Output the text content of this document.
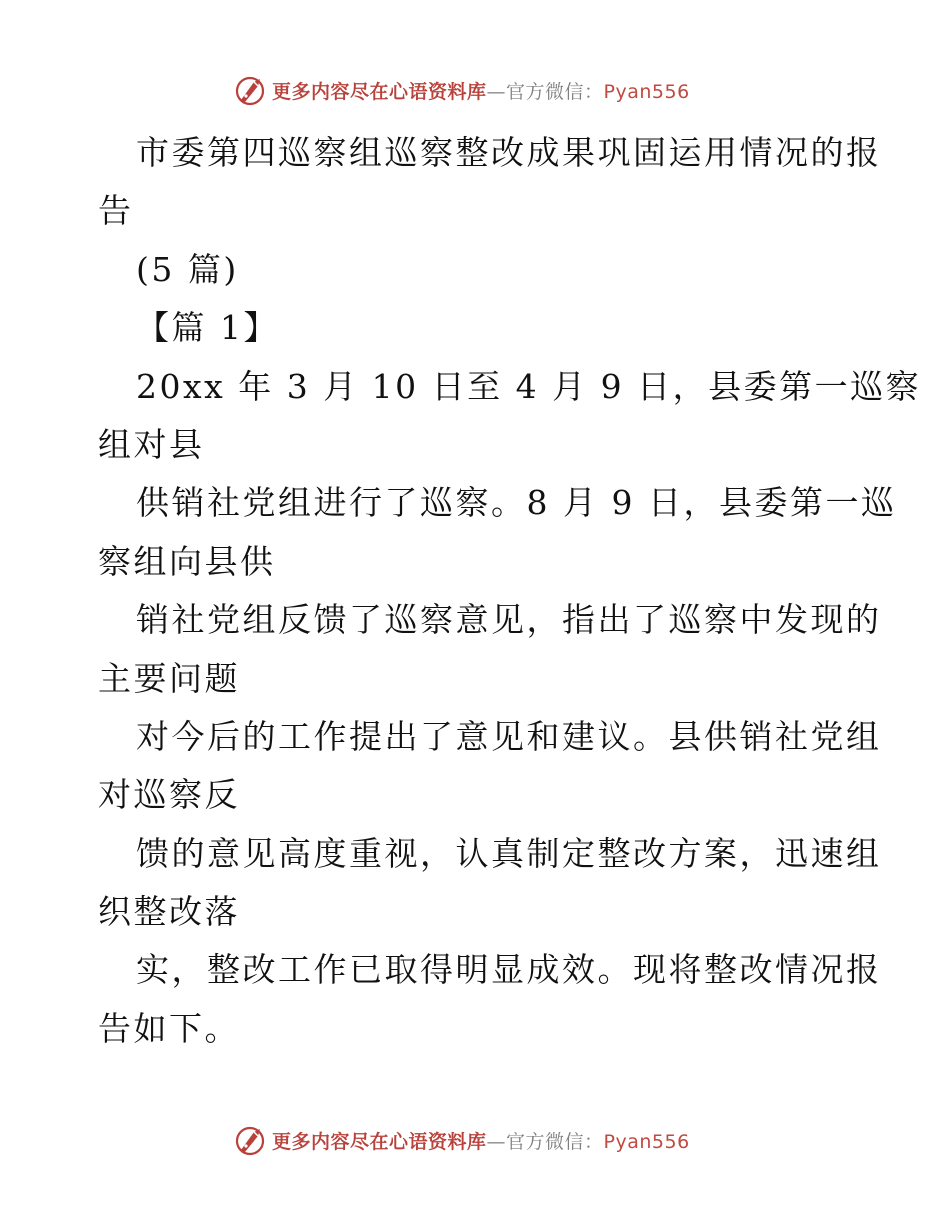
更多内容尽在心语资料库—官方微信：Pyan556
市委第四巡察组巡察整改成果巩固运用情况的报
告
(5 篇)
【篇 1】
20xx 年 3 月 10 日至 4 月 9 日，县委第一巡察
组对县
供销社党组进行了巡察。8 月 9 日，县委第一巡
察组向县供
销社党组反馈了巡察意见，指出了巡察中发现的
主要问题
对今后的工作提出了意见和建议。县供销社党组
对巡察反
馈的意见高度重视，认真制定整改方案，迅速组
织整改落
实，整改工作已取得明显成效。现将整改情况报
告如下。
更多内容尽在心语资料库—官方微信：Pyan556
